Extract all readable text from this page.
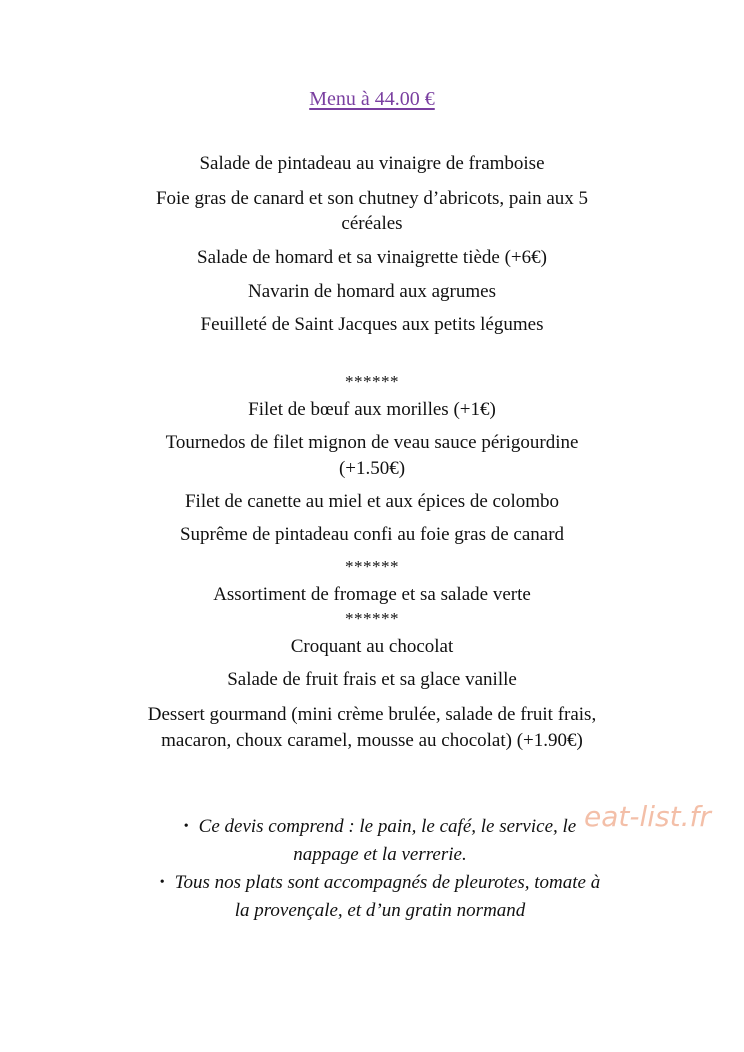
Menu à 44.00 €
Salade de pintadeau au vinaigre de framboise
Foie gras de canard et son chutney d’abricots, pain aux 5
céréales
Salade de homard et sa vinaigrette tiède (+6€)
Navarin de homard aux agrumes
Feuilleté de Saint Jacques aux petits légumes
******
Filet de bœuf aux morilles (+1€)
Tournedos de filet mignon de veau sauce périgourdine
(+1.50€)
Filet de canette au miel et aux épices de colombo
Suprême de pintadeau confi au foie gras de canard
******
Assortiment de fromage et sa salade verte
******
Croquant au chocolat
Salade de fruit frais et sa glace vanille
Dessert gourmand (mini crème brulée, salade de fruit frais,
macaron, choux caramel, mousse au chocolat) (+1.90€)
• Ce devis comprend : le pain, le café, le service, le
nappage et la verrerie.
• Tous nos plats sont accompagnés de pleurotes, tomate à
la provençale, et d’un gratin normand
eat-list.fr
